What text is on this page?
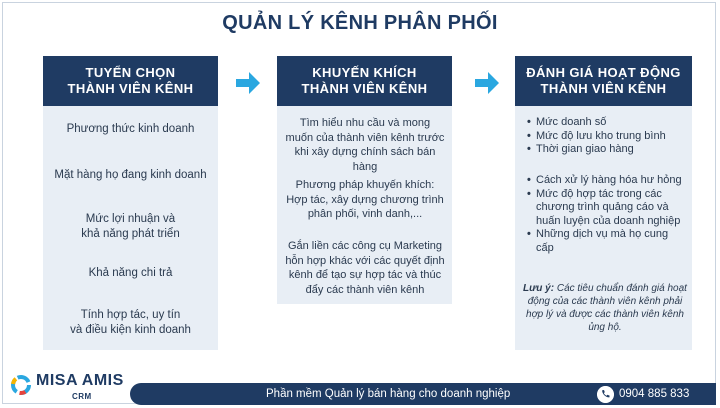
QUẢN LÝ KÊNH PHÂN PHỐI
TUYỂN CHỌN
THÀNH VIÊN KÊNH
Phương thức kinh doanh
Mặt hàng họ đang kinh doanh
Mức lợi nhuận và
khả năng phát triển
Khả năng chi trả
Tính hợp tác, uy tín
và điều kiện kinh doanh
KHUYẾN KHÍCH
THÀNH VIÊN KÊNH
Tìm hiểu nhu cầu và mong muốn của thành viên kênh trước khi xây dựng chính sách bán hàng
Phương pháp khuyến khích: Hợp tác, xây dựng chương trình phân phối, vinh danh,...
Gắn liền các công cụ Marketing hỗn hợp khác với các quyết định kênh để tạo sự hợp tác và thúc đẩy các thành viên kênh
ĐÁNH GIÁ HOẠT ĐỘNG
THÀNH VIÊN KÊNH
• Mức doanh số
• Mức độ lưu kho trung bình
• Thời gian giao hàng
• Cách xử lý hàng hóa hư hỏng
• Mức độ hợp tác trong các chương trình quảng cáo và huấn luyện của doanh nghiệp
• Những dịch vụ mà họ cung cấp
Lưu ý: Các tiêu chuẩn đánh giá hoạt động của các thành viên kênh phải hợp lý và được các thành viên kênh ủng hộ.
Phần mềm Quản lý bán hàng cho doanh nghiệp	0904 885 833
MISA AMIS
CRM
